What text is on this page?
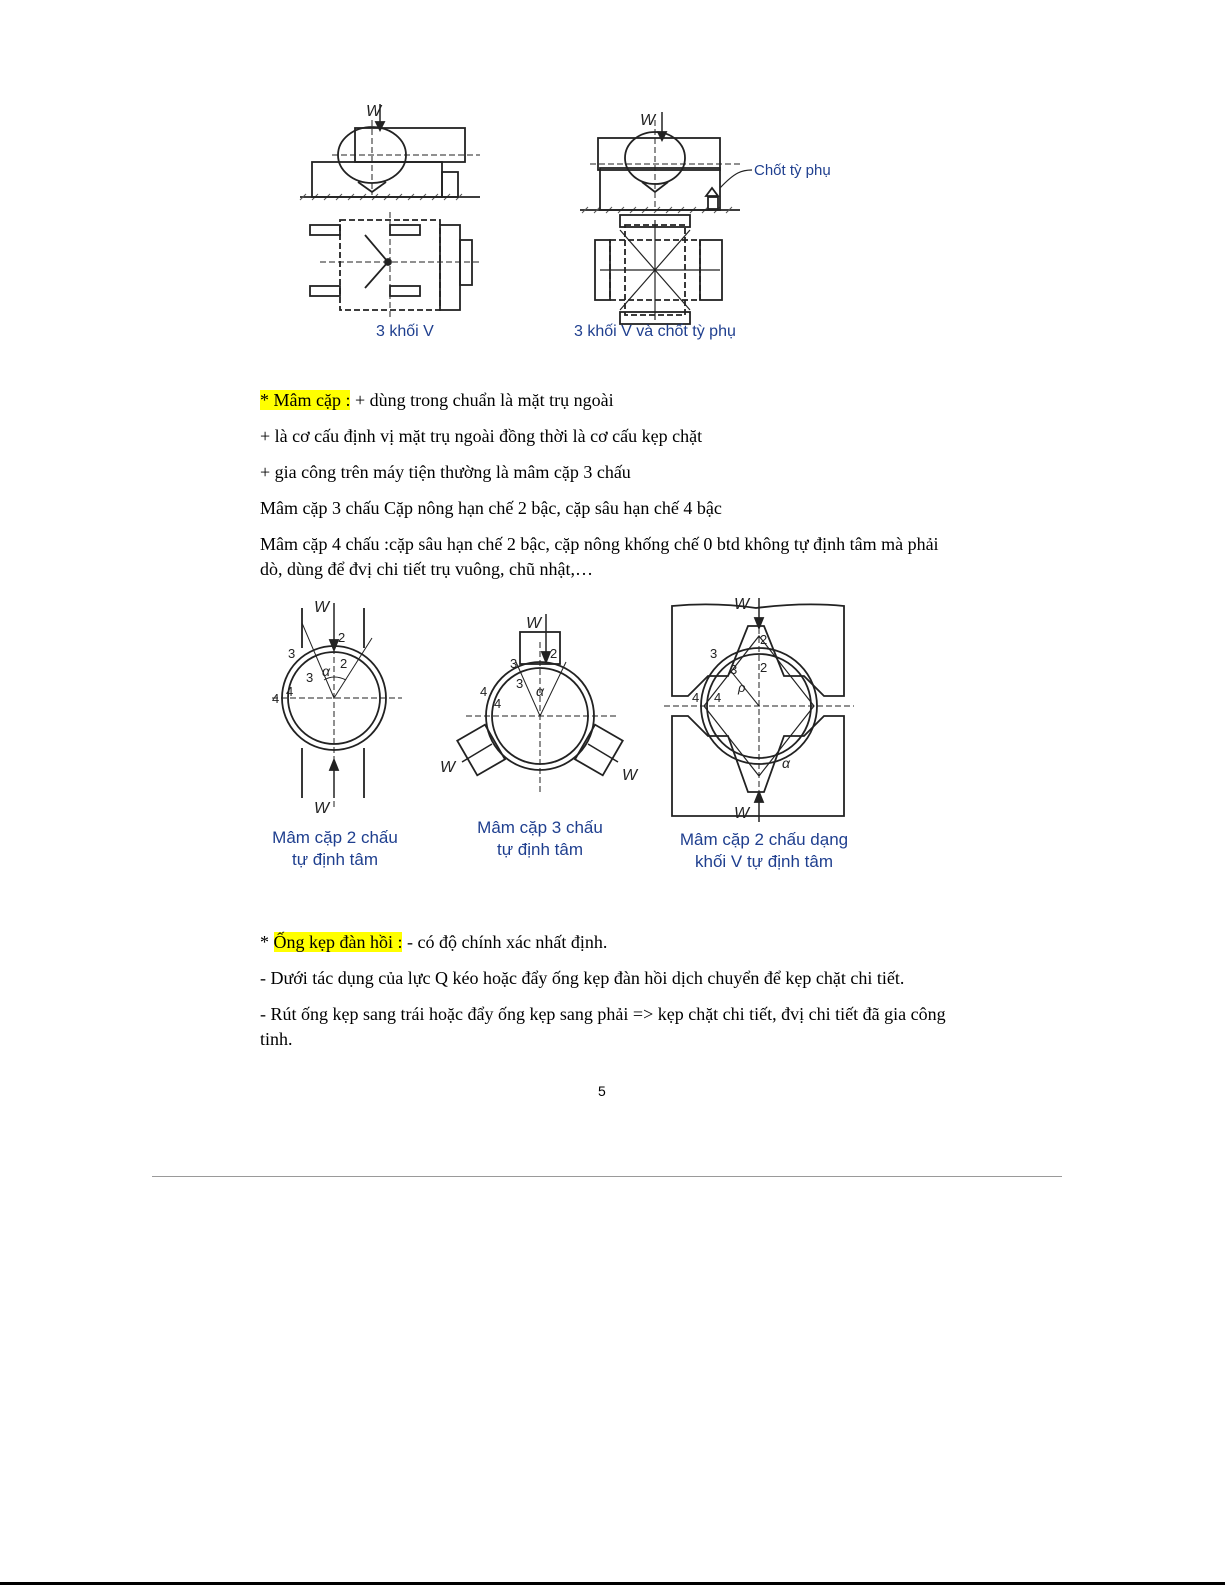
W
3 khối V
W
Chốt tỳ phụ
3 khối V và chốt tỳ phụ
* Mâm cặp : + dùng trong chuẩn là mặt trụ ngoài
+ là cơ cấu định vị mặt trụ ngoài đồng thời là cơ cấu kẹp chặt
+ gia công trên máy tiện thường là mâm cặp 3 chấu
Mâm cặp 3 chấu Cặp nông hạn chế 2 bậc, cặp sâu hạn chế 4 bậc
Mâm cặp 4 chấu :cặp sâu hạn chế 2 bậc, cặp nông khống chế 0 btd không tự định tâm mà phải dò, dùng để đvị chi tiết trụ vuông, chũ nhật,…
W
W
2
2
3
3
4 4
α
Mâm cặp 2 chấu
tự định tâm
W
W	W
2
3
3
4
4
α
Mâm cặp 3 chấu
tự định tâm
W
W
2
2
3
3
4 4
ρ
α
Mâm cặp 2 chấu dạng
khối V tự định tâm
* Ống kẹp đàn hồi : - có độ chính xác nhất định.
- Dưới tác dụng của lực Q kéo hoặc đẩy ống kẹp đàn hồi dịch chuyển để kẹp chặt chi tiết.
- Rút ống kẹp sang trái hoặc đẩy ống kẹp sang phải => kẹp chặt chi tiết, đvị chi tiết đã gia công tinh.
5
